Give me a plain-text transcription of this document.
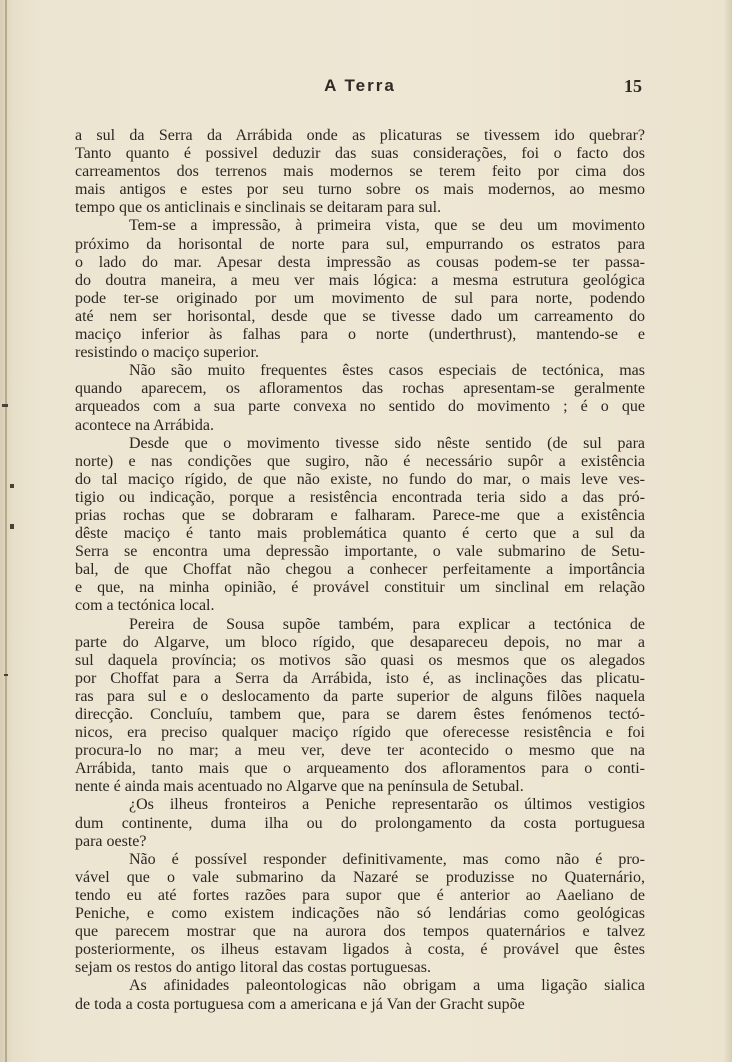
A Terra	15

a sul da Serra da Arrábida onde as plicaturas se tivessem ido quebrar?
Tanto quanto é possivel deduzir das suas considerações, foi o facto dos
carreamentos dos terrenos mais modernos se terem feito por cima dos
mais antigos e estes por seu turno sobre os mais modernos, ao mesmo
tempo que os anticlinais e sinclinais se deitaram para sul.

Tem-se a impressão, à primeira vista, que se deu um movimento
próximo da horisontal de norte para sul, empurrando os estratos para
o lado do mar. Apesar desta impressão as cousas podem-se ter passa-
do doutra maneira, a meu ver mais lógica: a mesma estrutura geológica
pode ter-se originado por um movimento de sul para norte, podendo
até nem ser horisontal, desde que se tivesse dado um carreamento do
maciço inferior às falhas para o norte (underthrust), mantendo-se e
resistindo o maciço superior.

Não são muito frequentes êstes casos especiais de tectónica, mas
quando aparecem, os afloramentos das rochas apresentam-se geralmente
arqueados com a sua parte convexa no sentido do movimento ; é o que
acontece na Arrábida.

Desde que o movimento tivesse sido nêste sentido (de sul para
norte) e nas condições que sugiro, não é necessário supôr a existência
do tal maciço rígido, de que não existe, no fundo do mar, o mais leve ves-
tigio ou indicação, porque a resistência encontrada teria sido a das pró-
prias rochas que se dobraram e falharam. Parece-me que a existência
dêste maciço é tanto mais problemática quanto é certo que a sul da
Serra se encontra uma depressão importante, o vale submarino de Setu-
bal, de que Choffat não chegou a conhecer perfeitamente a importância
e que, na minha opinião, é provável constituir um sinclinal em relação
com a tectónica local.

Pereira de Sousa supõe também, para explicar a tectónica de
parte do Algarve, um bloco rígido, que desapareceu depois, no mar a
sul daquela província; os motivos são quasi os mesmos que os alegados
por Choffat para a Serra da Arrábida, isto é, as inclinações das plicatu-
ras para sul e o deslocamento da parte superior de alguns filões naquela
direcção. Concluíu, tambem que, para se darem êstes fenómenos tectó-
nicos, era preciso qualquer maciço rígido que oferecesse resistência e foi
procura-lo no mar; a meu ver, deve ter acontecido o mesmo que na
Arrábida, tanto mais que o arqueamento dos afloramentos para o conti-
nente é ainda mais acentuado no Algarve que na península de Setubal.

¿Os ilheus fronteiros a Peniche representarão os últimos vestigios
dum continente, duma ilha ou do prolongamento da costa portuguesa
para oeste?

Não é possível responder definitivamente, mas como não é pro-
vável que o vale submarino da Nazaré se produzisse no Quaternário,
tendo eu até fortes razões para supor que é anterior ao Aaeliano de
Peniche, e como existem indicações não só lendárias como geológicas
que parecem mostrar que na aurora dos tempos quaternários e talvez
posteriormente, os ilheus estavam ligados à costa, é provável que êstes
sejam os restos do antigo litoral das costas portuguesas.

As afinidades paleontologicas não obrigam a uma ligação sialica
de toda a costa portuguesa com a americana e já Van der Gracht supõe
